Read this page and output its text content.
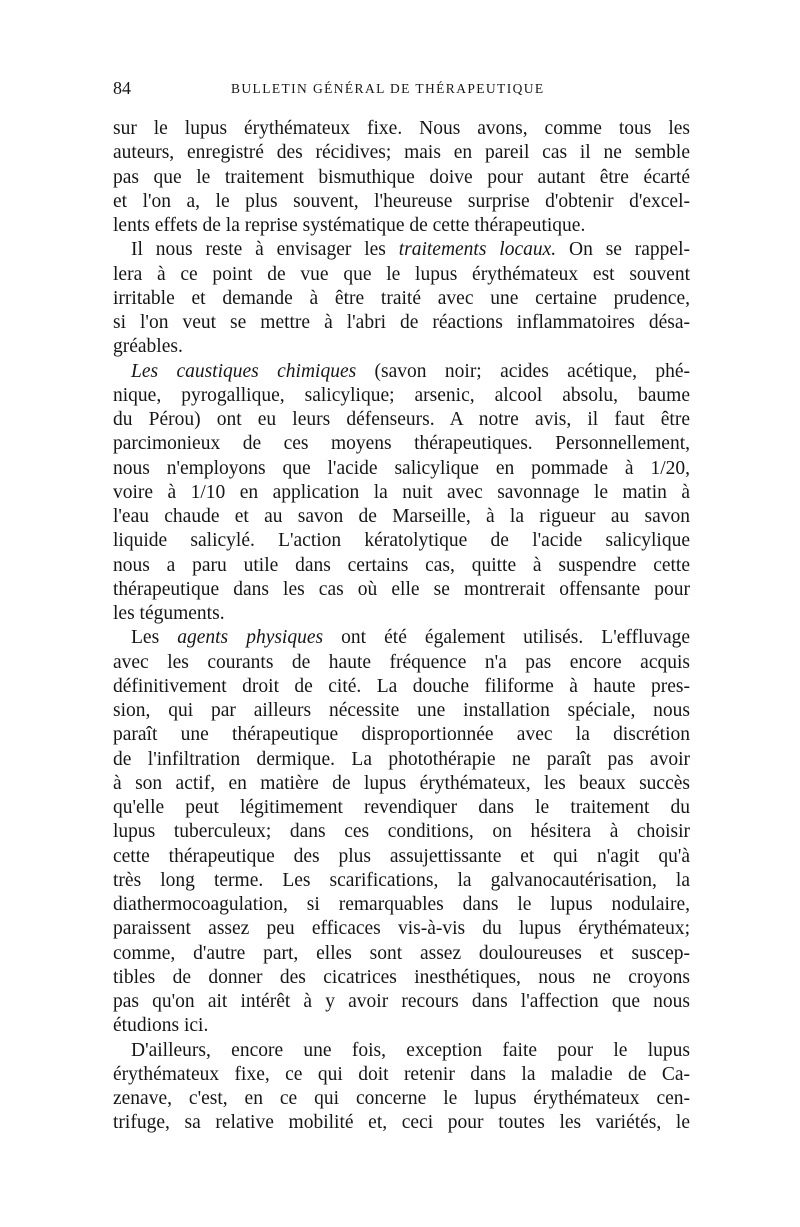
84	BULLETIN GÉNÉRAL DE THÉRAPEUTIQUE
sur le lupus érythémateux fixe. Nous avons, comme tous les
auteurs, enregistré des récidives; mais en pareil cas il ne semble
pas que le traitement bismuthique doive pour autant être écarté
et l'on a, le plus souvent, l'heureuse surprise d'obtenir d'excel-
lents effets de la reprise systématique de cette thérapeutique.
Il nous reste à envisager les traitements locaux. On se rappel-
lera à ce point de vue que le lupus érythémateux est souvent
irritable et demande à être traité avec une certaine prudence,
si l'on veut se mettre à l'abri de réactions inflammatoires désa-
gréables.
Les caustiques chimiques (savon noir; acides acétique, phé-
nique, pyrogallique, salicylique; arsenic, alcool absolu, baume
du Pérou) ont eu leurs défenseurs. A notre avis, il faut être
parcimonieux de ces moyens thérapeutiques. Personnellement,
nous n'employons que l'acide salicylique en pommade à 1/20,
voire à 1/10 en application la nuit avec savonnage le matin à
l'eau chaude et au savon de Marseille, à la rigueur au savon
liquide salicylé. L'action kératolytique de l'acide salicylique
nous a paru utile dans certains cas, quitte à suspendre cette
thérapeutique dans les cas où elle se montrerait offensante pour
les téguments.
Les agents physiques ont été également utilisés. L'effluvage
avec les courants de haute fréquence n'a pas encore acquis
définitivement droit de cité. La douche filiforme à haute pres-
sion, qui par ailleurs nécessite une installation spéciale, nous
paraît une thérapeutique disproportionnée avec la discrétion
de l'infiltration dermique. La photothérapie ne paraît pas avoir
à son actif, en matière de lupus érythémateux, les beaux succès
qu'elle peut légitimement revendiquer dans le traitement du
lupus tuberculeux; dans ces conditions, on hésitera à choisir
cette thérapeutique des plus assujettissante et qui n'agit qu'à
très long terme. Les scarifications, la galvanocautérisation, la
diathermocoagulation, si remarquables dans le lupus nodulaire,
paraissent assez peu efficaces vis-à-vis du lupus érythémateux;
comme, d'autre part, elles sont assez douloureuses et suscep-
tibles de donner des cicatrices inesthétiques, nous ne croyons
pas qu'on ait intérêt à y avoir recours dans l'affection que nous
étudions ici.
D'ailleurs, encore une fois, exception faite pour le lupus
érythémateux fixe, ce qui doit retenir dans la maladie de Ca-
zenave, c'est, en ce qui concerne le lupus érythémateux cen-
trifuge, sa relative mobilité et, ceci pour toutes les variétés, le
